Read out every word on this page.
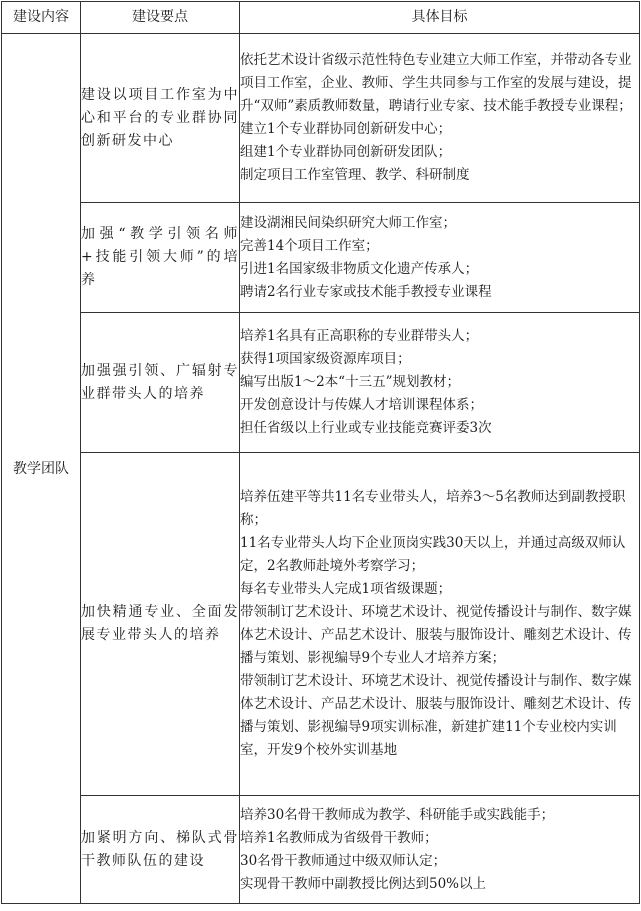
建设内容	建设要点	具体目标
教学团队	建设以项目工作室为中心和平台的专业群协同创新研发中心	依托艺术设计省级示范性特色专业建立大师工作室，并带动各专业项目工作室，企业、教师、学生共同参与工作室的发展与建设，提升“双师”素质教师数量，聘请行业专家、技术能手教授专业课程；
建立1个专业群协同创新研发中心；
组建1个专业群协同创新研发团队；
制定项目工作室管理、教学、科研制度

	加强“教学引领名师+技能引领大师”的培养	建设湖湘民间染织研究大师工作室；
完善14个项目工作室；
引进1名国家级非物质文化遗产传承人；
聘请2名行业专家或技术能手教授专业课程

	加强强引领、广辐射专业群带头人的培养	培养1名具有正高职称的专业群带头人；
获得1项国家级资源库项目；
编写出版1～2本“十三五”规划教材；
开发创意设计与传媒人才培训课程体系；
担任省级以上行业或专业技能竞赛评委3次

	加快精通专业、全面发展专业带头人的培养	培养伍建平等共11名专业带头人，培养3～5名教师达到副教授职称；
11名专业带头人均下企业顶岗实践30天以上，并通过高级双师认定，2名教师赴境外考察学习；
每名专业带头人完成1项省级课题；
带领制订艺术设计、环境艺术设计、视觉传播设计与制作、数字媒体艺术设计、产品艺术设计、服装与服饰设计、雕刻艺术设计、传播与策划、影视编导9个专业人才培养方案；
带领制订艺术设计、环境艺术设计、视觉传播设计与制作、数字媒体艺术设计、产品艺术设计、服装与服饰设计、雕刻艺术设计、传播与策划、影视编导9项实训标准，新建扩建11个专业校内实训室，开发9个校外实训基地

	加紧明方向、梯队式骨干教师队伍的建设	培养30名骨干教师成为教学、科研能手或实践能手；
培养1名教师成为省级骨干教师；
30名骨干教师通过中级双师认定；
实现骨干教师中副教授比例达到50%以上
